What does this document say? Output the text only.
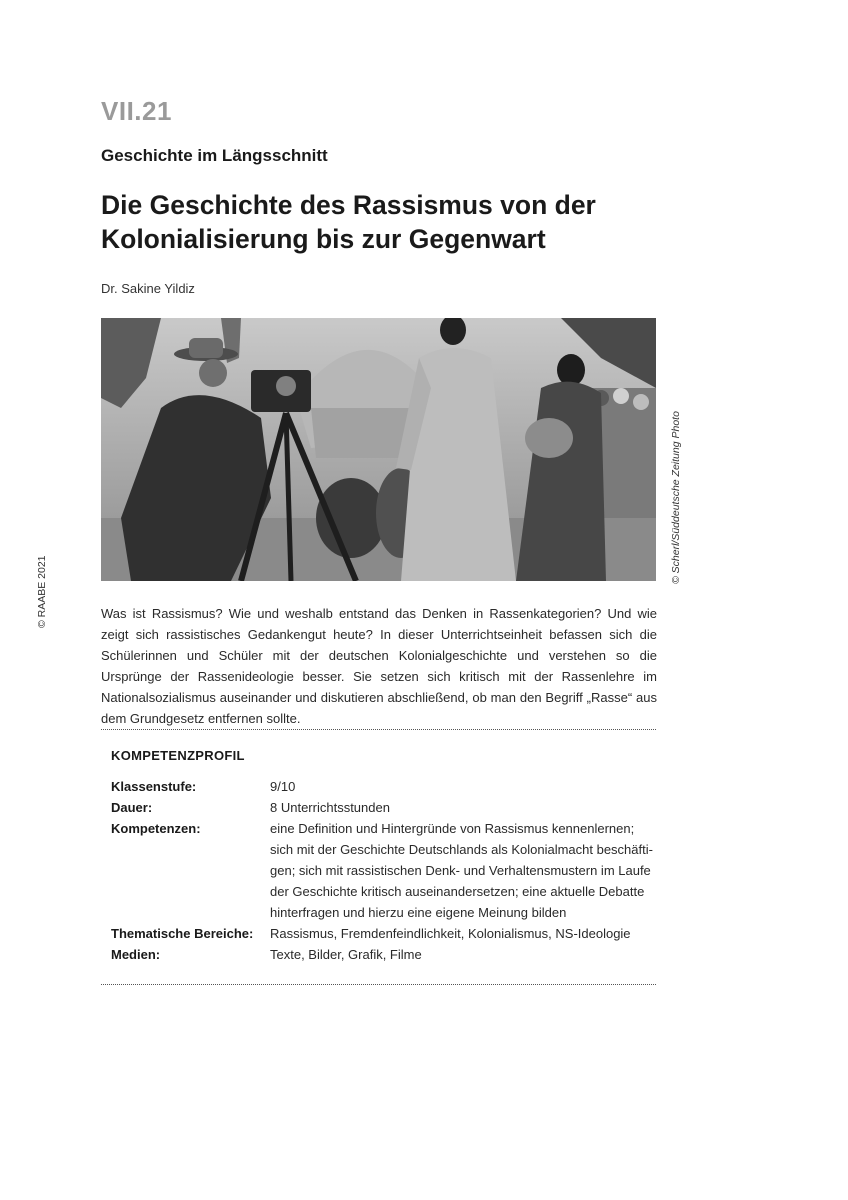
VII.21
Geschichte im Längsschnitt
Die Geschichte des Rassismus von der Kolonialisierung bis zur Gegenwart
Dr. Sakine Yildiz
© Scherl/Süddeutsche Zeitung Photo
© RAABE 2021	Was ist Rassismus? Wie und weshalb entstand das Denken in Rassenkategorien? Und wie zeigt sich rassistisches Gedankengut heute? In dieser Unterrichtseinheit befassen sich die Schülerinnen und Schüler mit der deutschen Kolonialgeschichte und verstehen so die Ursprünge der Rassenideologie besser. Sie setzen sich kritisch mit der Rassenlehre im Nationalsozialismus auseinander und diskutieren abschließend, ob man den Begriff „Rasse“ aus dem Grundgesetz entfernen sollte.
KOMPETENZPROFIL
Klassenstufe:	9/10
Dauer:	8 Unterrichtsstunden
Kompetenzen:	eine Definition und Hintergründe von Rassismus kennenlernen; sich mit der Geschichte Deutschlands als Kolonialmacht beschäftigen; sich mit rassistischen Denk- und Verhaltensmustern im Laufe der Geschichte kritisch auseinandersetzen; eine aktuelle Debatte hinterfragen und hierzu eine eigene Meinung bilden
Thematische Bereiche:	Rassismus, Fremdenfeindlichkeit, Kolonialismus, NS-Ideologie
Medien:	Texte, Bilder, Grafik, Filme
